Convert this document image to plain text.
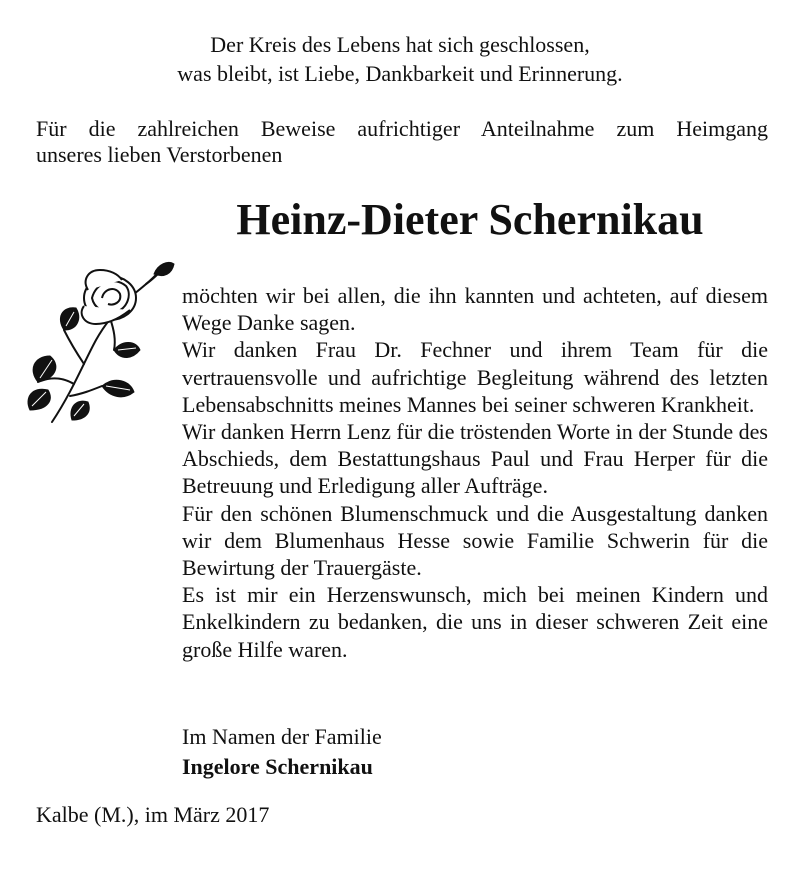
Der Kreis des Lebens hat sich geschlossen,
was bleibt, ist Liebe, Dankbarkeit und Erinnerung.
Für die zahlreichen Beweise aufrichtiger Anteilnahme zum Heimgang
unseres lieben Verstorbenen
Heinz-Dieter Schernikau

möchten wir bei allen, die ihn kannten und achteten, auf diesem Wege Danke sagen.

Wir danken Frau Dr. Fechner und ihrem Team für die vertrauensvolle und aufrichtige Begleitung während des letzten Lebensabschnitts meines Mannes bei seiner schweren Krankheit.

Wir danken Herrn Lenz für die tröstenden Worte in der Stunde des Abschieds, dem Bestattungshaus Paul und Frau Herper für die Betreuung und Erledigung aller Aufträge.

Für den schönen Blumenschmuck und die Ausgestaltung danken wir dem Blumenhaus Hesse sowie Familie Schwerin für die Bewirtung der Trauergäste.

Es ist mir ein Herzenswunsch, mich bei meinen Kindern und Enkelkindern zu bedanken, die uns in dieser schweren Zeit eine große Hilfe waren.

Im Namen der Familie
Ingelore Schernikau
Kalbe (M.), im März 2017
